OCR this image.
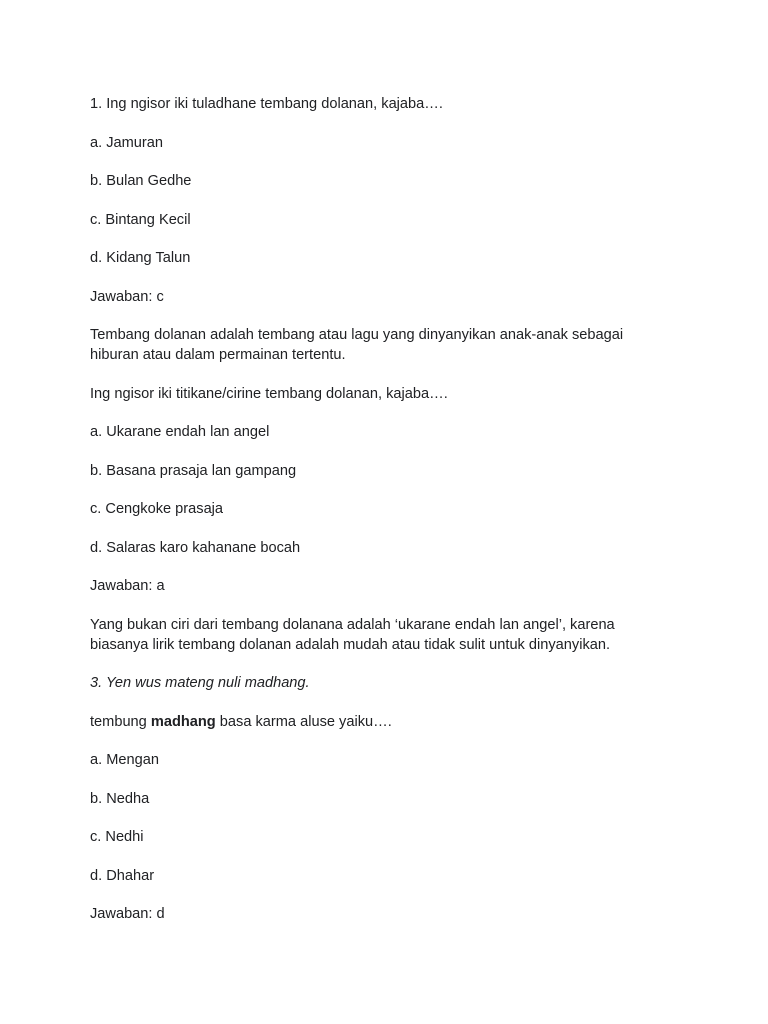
1. Ing ngisor iki tuladhane tembang dolanan, kajaba….

a. Jamuran

b. Bulan Gedhe

c. Bintang Kecil

d. Kidang Talun

Jawaban: c

Tembang dolanan adalah tembang atau lagu yang dinyanyikan anak-anak sebagai

hiburan atau dalam permainan tertentu.

Ing ngisor iki titikane/cirine tembang dolanan, kajaba….

a. Ukarane endah lan angel

b. Basana prasaja lan gampang

c. Cengkoke prasaja

d. Salaras karo kahanane bocah

Jawaban: a

Yang bukan ciri dari tembang dolanana adalah ‘ukarane endah lan angel’, karena

biasanya lirik tembang dolanan adalah mudah atau tidak sulit untuk dinyanyikan.

3. Yen wus mateng nuli madhang.

tembung madhang basa karma aluse yaiku….

a. Mengan

b. Nedha

c. Nedhi

d. Dhahar

Jawaban: d
